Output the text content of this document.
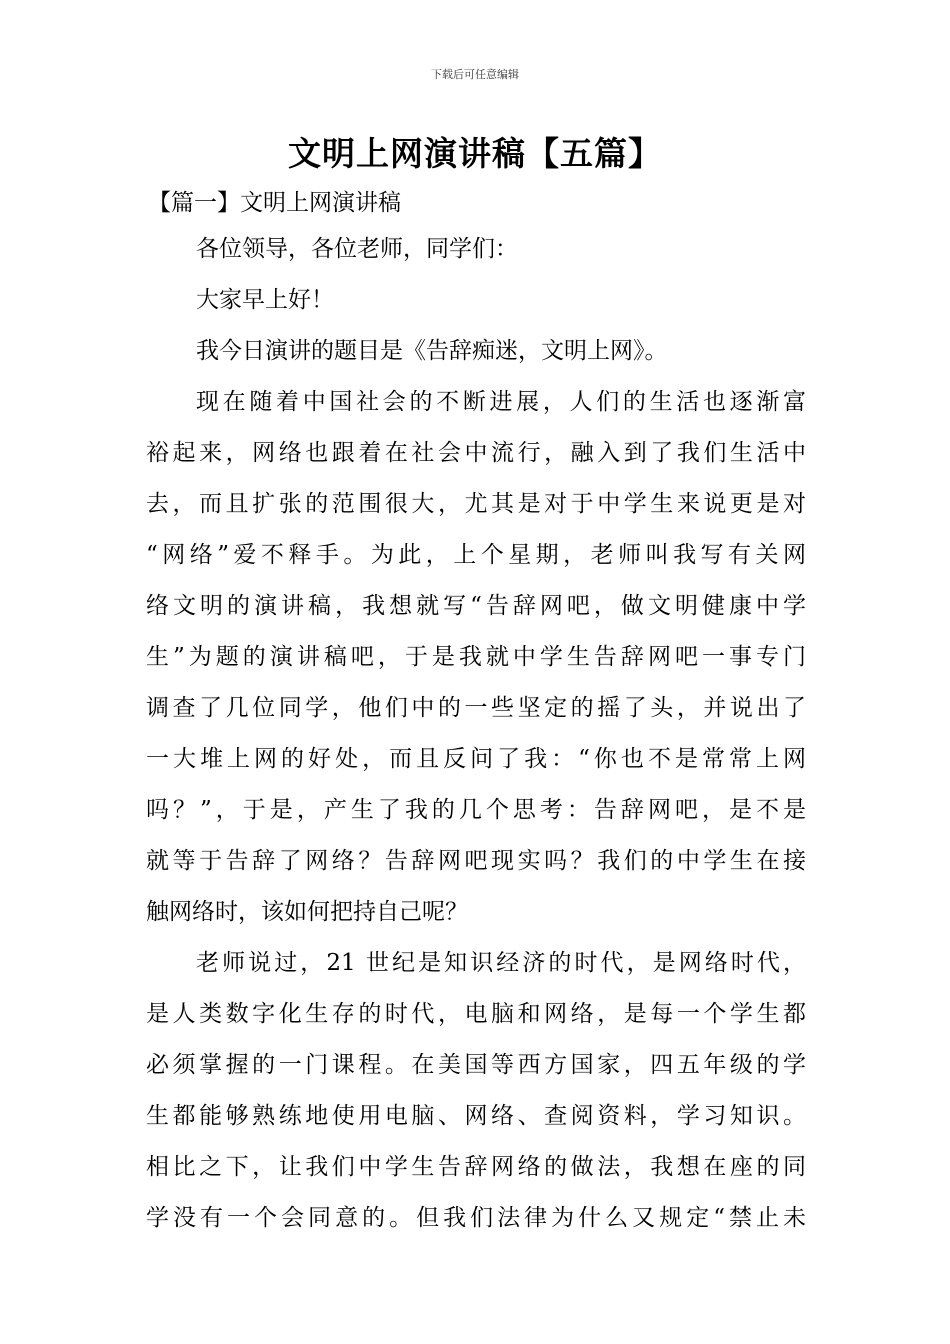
下载后可任意编辑
文明上网演讲稿【五篇】
【篇一】文明上网演讲稿
各位领导，各位老师，同学们：
大家早上好！
我今日演讲的题目是《告辞痴迷，文明上网》。
现在随着中国社会的不断进展，人们的生活也逐渐富
裕起来，网络也跟着在社会中流行，融入到了我们生活中
去，而且扩张的范围很大，尤其是对于中学生来说更是对
“网络”爱不释手。为此，上个星期，老师叫我写有关网
络文明的演讲稿，我想就写“告辞网吧，做文明健康中学
生”为题的演讲稿吧，于是我就中学生告辞网吧一事专门
调查了几位同学，他们中的一些坚定的摇了头，并说出了
一大堆上网的好处，而且反问了我：“你也不是常常上网
吗？”，于是，产生了我的几个思考：告辞网吧，是不是
就等于告辞了网络？告辞网吧现实吗？我们的中学生在接
触网络时，该如何把持自己呢？
老师说过，21 世纪是知识经济的时代，是网络时代，
是人类数字化生存的时代，电脑和网络，是每一个学生都
必须掌握的一门课程。在美国等西方国家，四五年级的学
生都能够熟练地使用电脑、网络、查阅资料，学习知识。
相比之下，让我们中学生告辞网络的做法，我想在座的同
学没有一个会同意的。但我们法律为什么又规定“禁止未
